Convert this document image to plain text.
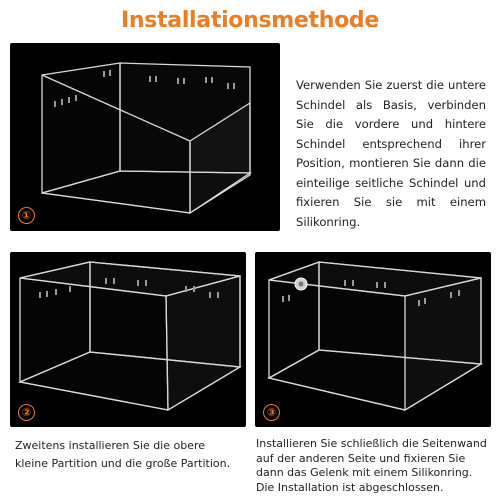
Installationsmethode
①
Verwenden Sie zuerst die untere Schindel als Basis, verbinden Sie die vordere und hintere Schindel entsprechend ihrer Position, montieren Sie dann die einteilige seitliche Schindel und fixieren Sie sie mit einem Silikonring.
②	③
Zweitens installieren Sie die obere kleine Partition und die große Partition.
Installieren Sie schließlich die Seitenwand auf der anderen Seite und fixieren Sie dann das Gelenk mit einem Silikonring. Die Installation ist abgeschlossen.
